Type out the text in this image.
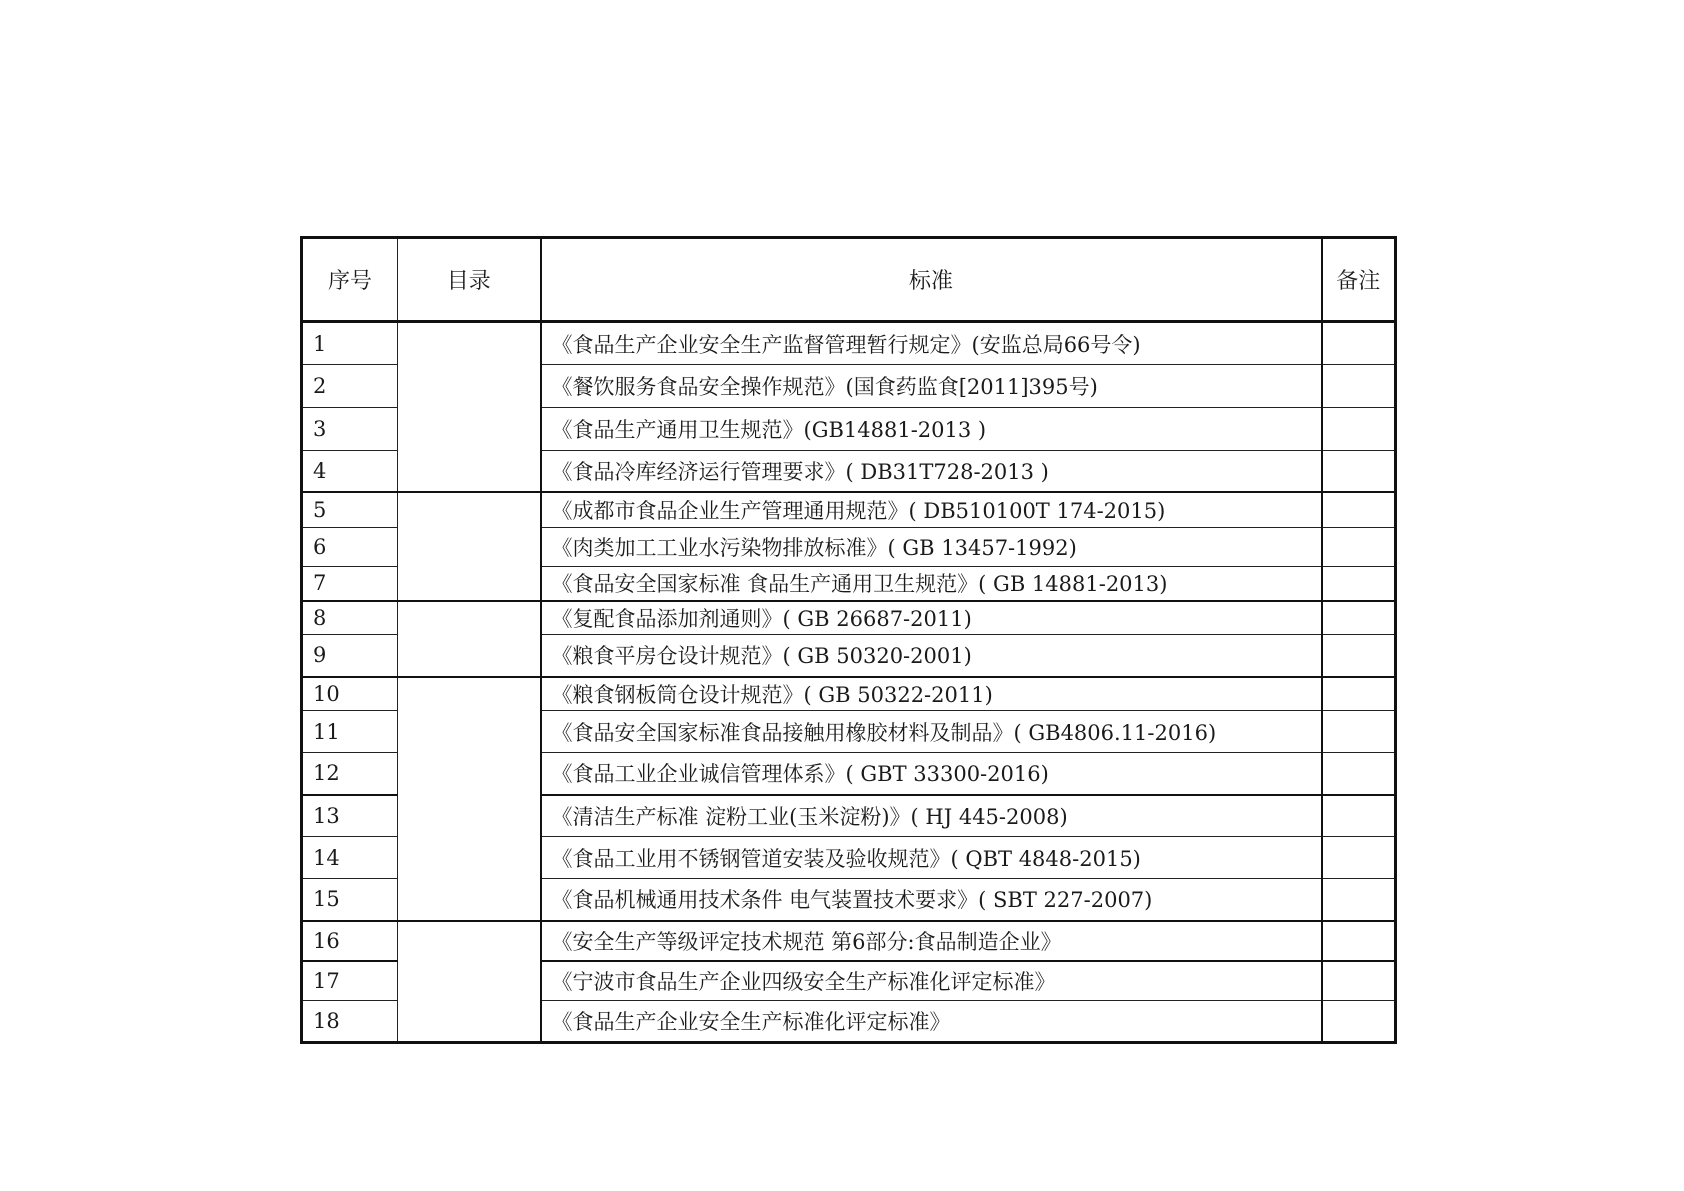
序号	目录	标准	备注
1		《食品生产企业安全生产监督管理暂行规定》(安监总局66号令)	
2		《餐饮服务食品安全操作规范》(国食药监食[2011]395号)	
3		《食品生产通用卫生规范》(GB14881-2013 )	
4		《食品冷库经济运行管理要求》( DB31T728-2013 )	
5		《成都市食品企业生产管理通用规范》( DB510100T 174-2015)	
6		《肉类加工工业水污染物排放标准》( GB 13457-1992)	
7		《食品安全国家标准 食品生产通用卫生规范》( GB 14881-2013)	
8		《复配食品添加剂通则》( GB 26687-2011)	
9		《粮食平房仓设计规范》( GB 50320-2001)	
10		《粮食钢板筒仓设计规范》( GB 50322-2011)	
11		《食品安全国家标准食品接触用橡胶材料及制品》( GB4806.11-2016)	
12		《食品工业企业诚信管理体系》( GBT 33300-2016)	
13		《清洁生产标准 淀粉工业(玉米淀粉)》( HJ 445-2008)	
14		《食品工业用不锈钢管道安装及验收规范》( QBT 4848-2015)	
15		《食品机械通用技术条件 电气装置技术要求》( SBT 227-2007)	
16		《安全生产等级评定技术规范 第6部分:食品制造企业》	
17		《宁波市食品生产企业四级安全生产标准化评定标准》	
18		《食品生产企业安全生产标准化评定标准》	
